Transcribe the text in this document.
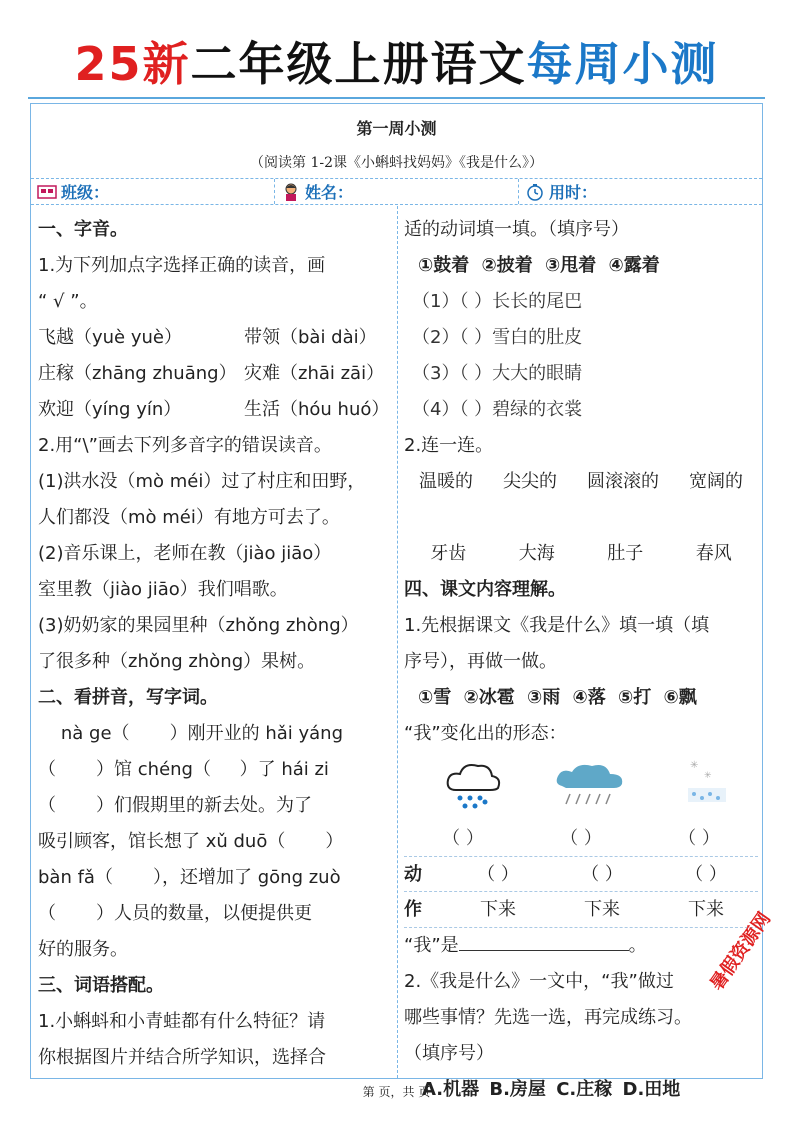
25新二年级上册语文每周小测
第一周小测
（阅读第 1-2课《小蝌蚪找妈妈》《我是什么》）
班级：	姓名：	用时：
一、字音。
1.为下列加点字选择正确的读音，画
“ √ ”。
飞越（yuè yuè）	带领（bài dài）
庄稼（zhāng zhuāng） 灾难（zhāi zāi）
欢迎（yíng yín）	生活（hóu huó）
2.用“\”画去下列多音字的错误读音。
(1)洪水没（mò méi）过了村庄和田野，
人们都没（mò méi）有地方可去了。
(2)音乐课上，老师在教（jiào jiāo）
室里教（jiào jiāo）我们唱歌。
(3)奶奶家的果园里种（zhǒng zhòng）
了很多种（zhǒng zhòng）果树。
二、看拼音，写字词。
nà ge（       ）刚开业的 hǎi yáng
（       ）馆 chéng（     ）了 hái zi
（       ）们假期里的新去处。为了
吸引顾客，馆长想了 xǔ duō（       ）
bàn fǎ（       ），还增加了 gōng zuò
（       ）人员的数量，以便提供更
好的服务。
三、词语搭配。
1.小蝌蚪和小青蛙都有什么特征？请
你根据图片并结合所学知识，选择合
适的动词填一填。（填序号）
①鼓着 ②披着 ③甩着 ④露着
（1）（ ）长长的尾巴
（2）（ ）雪白的肚皮
（3）（ ）大大的眼睛
（4）（ ）碧绿的衣裳
2.连一连。
温暖的 尖尖的 圆滚滚的 宽阔的
牙齿	大海	肚子	春风
四、课文内容理解。
1.先根据课文《我是什么》填一填（填
序号），再做一做。
①雪 ②冰雹 ③雨 ④落 ⑤打 ⑥飘
“我”变化出的形态：
✳
✳
（ ）	（ ）	（ ）
动	（ ）	（ ）	（ ）
作	下来	下来	下来
“我”是	。
2.《我是什么》一文中，“我”做过
哪些事情？先选一选，再完成练习。
（填序号）
A.机器 B.房屋 C.庄稼 D.田地
暑假资源网
第 页，共 页
